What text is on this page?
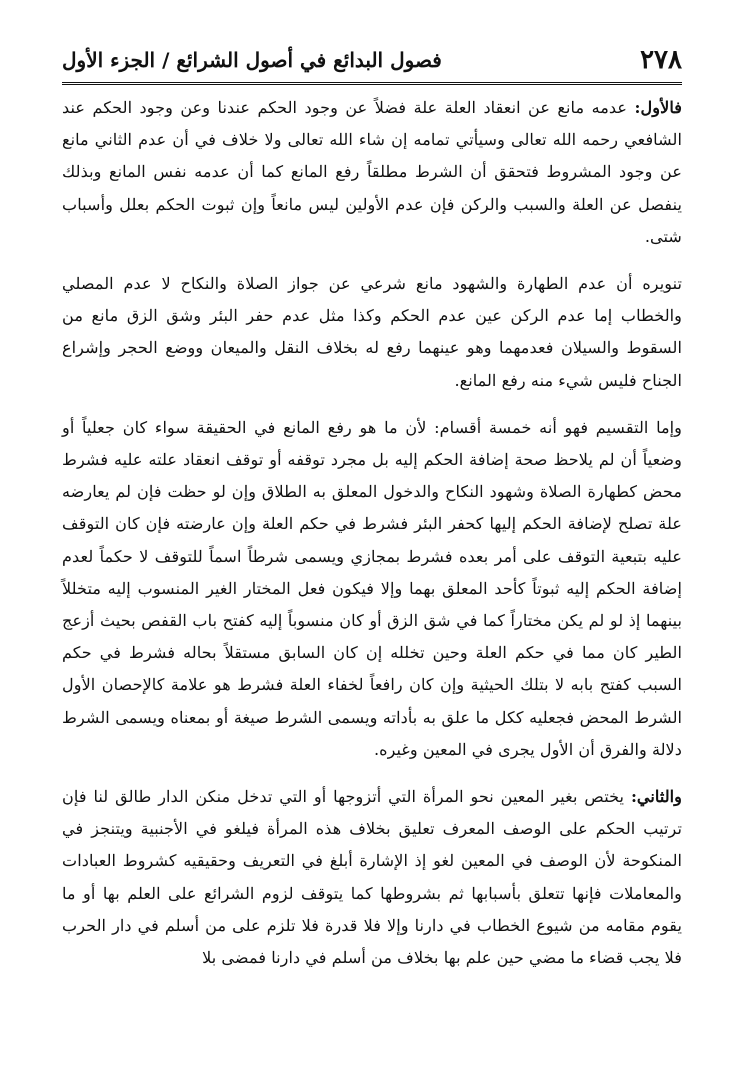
٢٧٨
فصول البدائع في أصول الشرائع / الجزء الأول

فالأول: عدمه مانع عن انعقاد العلة علة فضلاً عن وجود الحكم عندنا وعن وجود الحكم عند الشافعي رحمه الله تعالى وسيأتي تمامه إن شاء الله تعالى ولا خلاف في أن عدم الثاني مانع عن وجود المشروط فتحقق أن الشرط مطلقاً رفع المانع كما أن عدمه نفس المانع وبذلك ينفصل عن العلة والسبب والركن فإن عدم الأولين ليس مانعاً وإن ثبوت الحكم بعلل وأسباب شتى.

تنويره أن عدم الطهارة والشهود مانع شرعي عن جواز الصلاة والنكاح لا عدم المصلي والخطاب إما عدم الركن عين عدم الحكم وكذا مثل عدم حفر البئر وشق الزق مانع من السقوط والسيلان فعدمهما وهو عينهما رفع له بخلاف النقل والميعان ووضع الحجر وإشراع الجناح فليس شيء منه رفع المانع.

وإما التقسيم فهو أنه خمسة أقسام: لأن ما هو رفع المانع في الحقيقة سواء كان جعلياً أو وضعياً أن لم يلاحظ صحة إضافة الحكم إليه بل مجرد توقفه أو توقف انعقاد علته عليه فشرط محض كطهارة الصلاة وشهود النكاح والدخول المعلق به الطلاق وإن لو حظت فإن لم يعارضه علة تصلح لإضافة الحكم إليها كحفر البئر فشرط في حكم العلة وإن عارضته فإن كان التوقف عليه بتبعية التوقف على أمر بعده فشرط بمجازي ويسمى شرطاً اسماً للتوقف لا حكماً لعدم إضافة الحكم إليه ثبوتاً كأحد المعلق بهما وإلا فيكون فعل المختار الغير المنسوب إليه متخللاً بينهما إذ لو لم يكن مختاراً كما في شق الزق أو كان منسوباً إليه كفتح باب القفص بحيث أزعج الطير كان مما في حكم العلة وحين تخلله إن كان السابق مستقلاً بحاله فشرط في حكم السبب كفتح بابه لا بتلك الحيثية وإن كان رافعاً لخفاء العلة فشرط هو علامة كالإحصان الأول الشرط المحض فجعليه ككل ما علق به بأداته ويسمى الشرط صيغة أو بمعناه ويسمى الشرط دلالة والفرق أن الأول يجرى في المعين وغيره.

والثاني: يختص بغير المعين نحو المرأة التي أتزوجها أو التي تدخل منكن الدار طالق لنا فإن ترتيب الحكم على الوصف المعرف تعليق بخلاف هذه المرأة فيلغو في الأجنبية ويتنجز في المنكوحة لأن الوصف في المعين لغو إذ الإشارة أبلغ في التعريف وحقيقيه كشروط العبادات والمعاملات فإنها تتعلق بأسبابها ثم بشروطها كما يتوقف لزوم الشرائع على العلم بها أو ما يقوم مقامه من شيوع الخطاب في دارنا وإلا فلا قدرة فلا تلزم على من أسلم في دار الحرب فلا يجب قضاء ما مضي حين علم بها بخلاف من أسلم في دارنا فمضى بلا
